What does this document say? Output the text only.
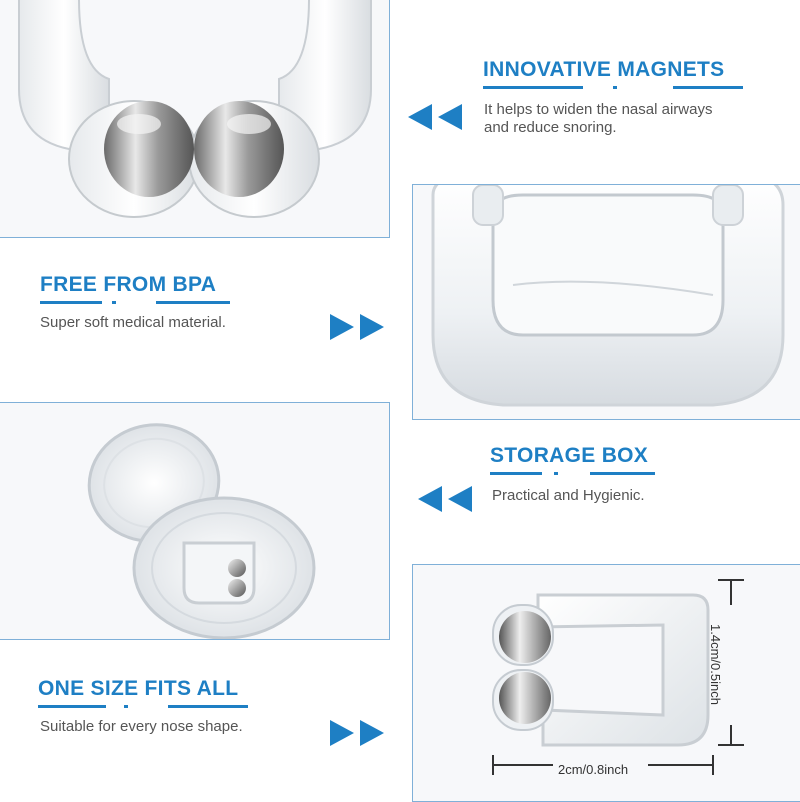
INNOVATIVE MAGNETS
It helps to widen the nasal airways
and reduce snoring.
FREE FROM BPA
Super soft medical material.
STORAGE BOX
Practical and Hygienic.
2cm/0.8inch
1.4cm/0.5inch
ONE SIZE FITS ALL
Suitable for every nose shape.
